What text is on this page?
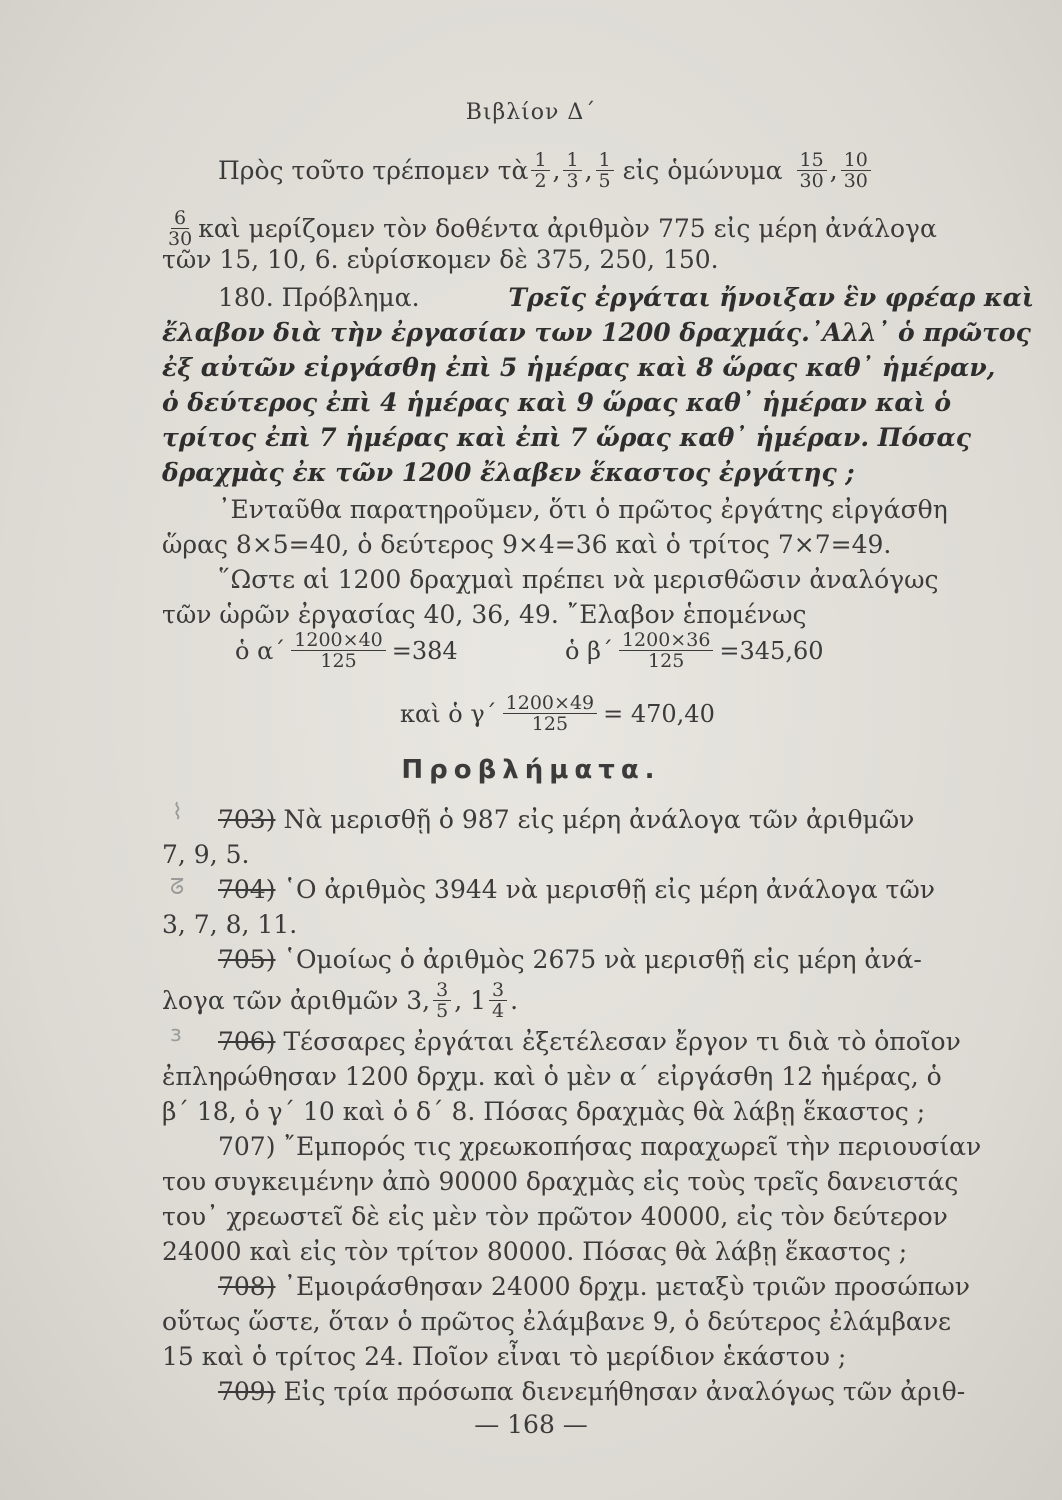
Βιβλίον Δ΄
Πρὸς τοῦτο τρέπομεν τὰ $\frac{1}{2}$ , $\frac{1}{3}$ , $\frac{1}{5}$ εἰς ὁμώνυμα $\frac{15}{30}$ , $\frac{10}{30}$
$\frac{6}{30}$ καὶ μερίζομεν τὸν δοθέντα ἀριθμὸν 775 εἰς μέρη ἀνάλογα
τῶν 15, 10, 6. εὑρίσκομεν δὲ 375, 250, 150.
180. Πρόβλημα.	Τρεῖς ἐργάται ἤνοιξαν ἓν φρέαρ καὶ
ἔλαβον διὰ τὴν ἐργασίαν των 1200 δραχμάς.᾿Αλλ᾿ ὁ πρῶτος
ἐξ αὐτῶν εἰργάσθη ἐπὶ 5 ἡμέρας καὶ 8 ὥρας καθ᾿ ἡμέραν,
ὁ δεύτερος ἐπὶ 4 ἡμέρας καὶ 9 ὥρας καθ᾿ ἡμέραν καὶ ὁ
τρίτος ἐπὶ 7 ἡμέρας καὶ ἐπὶ 7 ὥρας καθ᾿ ἡμέραν. Πόσας
δραχμὰς ἐκ τῶν 1200 ἔλαβεν ἕκαστος ἐργάτης ;
᾿Ενταῦθα παρατηροῦμεν, ὅτι ὁ πρῶτος ἐργάτης εἰργάσθη
ὥρας 8×5=40, ὁ δεύτερος 9×4=36 καὶ ὁ τρίτος 7×7=49.
῞Ωστε αἱ 1200 δραχμαὶ πρέπει νὰ μερισθῶσιν ἀναλόγως
τῶν ὡρῶν ἐργασίας 40, 36, 49. ῎Ελαβον ἑπομένως
ὁ $\alpha΄ \frac{1200\times 40}{125} =384$	ὁ $\beta΄ \frac{1200\times 36}{125} =345,60$
καὶ ὁ $\gamma΄ \frac{1200\times 49}{125} = 470,40$
Προβλήματα.
703) Νὰ μερισθῇ ὁ 987 εἰς μέρη ἀνάλογα τῶν ἀριθμῶν
7, 9, 5.
704) ῾Ο ἀριθμὸς 3944 νὰ μερισθῇ εἰς μέρη ἀνάλογα τῶν
3, 7, 8, 11.
705) ῾Ομοίως ὁ ἀριθμὸς 2675 νὰ μερισθῇ εἰς μέρη ἀνά-
λογα τῶν ἀριθμῶν 3, $\frac{3}{5}$ , $1 \frac{3}{4}$ .
706) Τέσσαρες ἐργάται ἐξετέλεσαν ἔργον τι διὰ τὸ ὁποῖον
ἐπληρώθησαν 1200 δρχμ. καὶ ὁ μὲν α΄ εἰργάσθη 12 ἡμέρας, ὁ
β΄ 18, ὁ γ΄ 10 καὶ ὁ δ΄ 8. Πόσας δραχμὰς θὰ λάβῃ ἕκαστος ;
707) ῎Εμπορός τις χρεωκοπήσας παραχωρεῖ τὴν περιουσίαν
του συγκειμένην ἀπὸ 90000 δραχμὰς εἰς τοὺς τρεῖς δανειστάς
του᾿ χρεωστεῖ δὲ εἰς μὲν τὸν πρῶτον 40000, εἰς τὸν δεύτερον
24000 καὶ εἰς τὸν τρίτον 80000. Πόσας θὰ λάβῃ ἕκαστος ;
708) ᾿Εμοιράσθησαν 24000 δρχμ. μεταξὺ τριῶν προσώπων
οὕτως ὥστε, ὅταν ὁ πρῶτος ἐλάμβανε 9, ὁ δεύτερος ἐλάμβανε
15 καὶ ὁ τρίτος 24. Ποῖον εἶναι τὸ μερίδιον ἑκάστου ;
709) Εἰς τρία πρόσωπα διενεμήθησαν ἀναλόγως τῶν ἀριθ-
⌇
ᘔ
ɜ
— 168 —
